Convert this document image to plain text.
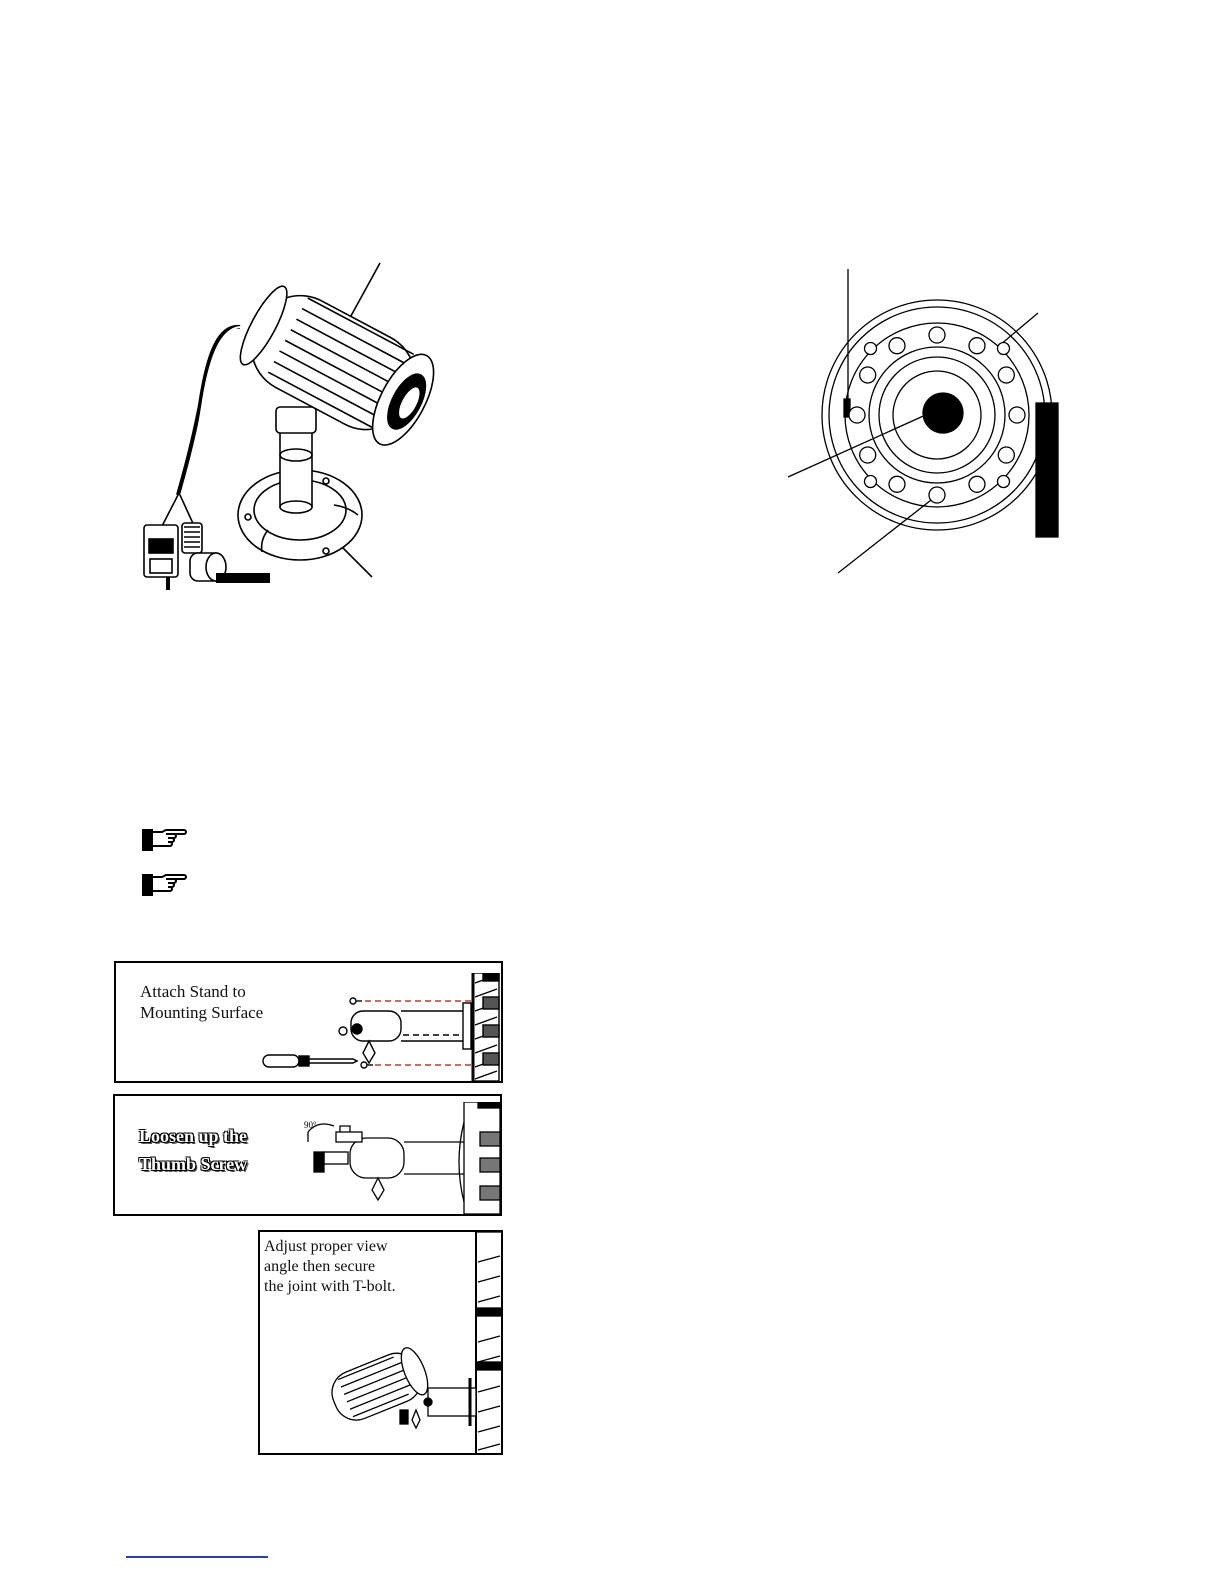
Attach Stand to
Mounting Surface
Loosen up the
Thumb Screw
90°
Adjust proper view
angle then secure
the joint with T-bolt.
